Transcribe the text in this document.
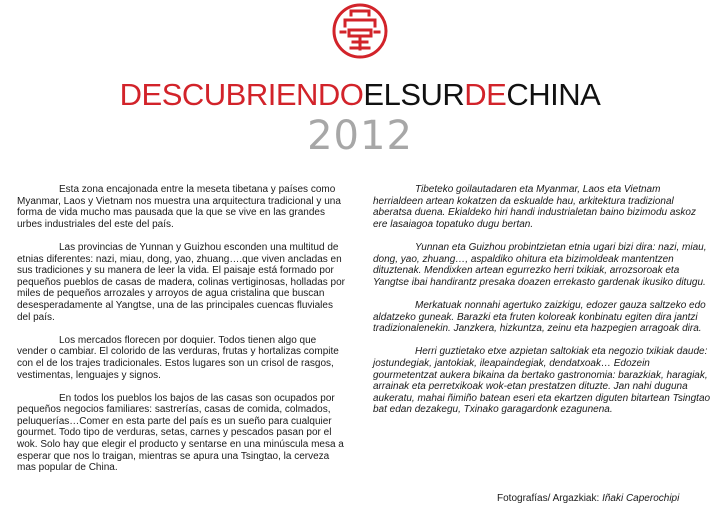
DESCUBRIENDOELSURDECHINA
2012

Esta zona encajonada entre la meseta tibetana y países como Myanmar, Laos y Vietnam nos muestra una arquitectura tradicional y una forma de vida mucho mas pausada que la que se vive en las grandes urbes industriales del este del país.

Las provincias de Yunnan y Guizhou esconden una multitud de etnias diferentes: nazi, miau, dong, yao, zhuang….que viven ancladas en sus tradiciones y su manera de leer la vida. El paisaje está formado por pequeños pueblos de casas de madera, colinas vertiginosas, holladas por miles de pequeños arrozales y arroyos de agua cristalina que buscan desesperadamente al Yangtse, una de las principales cuencas fluviales del país.

Los mercados florecen por doquier. Todos tienen algo que vender o cambiar. El colorido de las verduras, frutas y hortalizas compite con el de los trajes tradicionales. Estos lugares son un crisol de rasgos, vestimentas, lenguajes y signos.

En todos los pueblos los bajos de las casas son ocupados por pequeños negocios familiares: sastrerías, casas de comida, colmados, peluquerías…Comer en esta parte del país es un sueño para cualquier gourmet. Todo tipo de verduras, setas, carnes y pescados pasan por el wok. Solo hay que elegir el producto y sentarse en una minúscula mesa a esperar que nos lo traigan, mientras se apura una Tsingtao, la cerveza mas popular de China.

Tibeteko goilautadaren eta Myanmar, Laos eta Vietnam herrialdeen artean kokatzen da eskualde hau, arkitektura tradizional aberatsa duena. Ekialdeko hiri handi industrialetan baino bizimodu askoz ere lasaiagoa topatuko dugu bertan.

Yunnan eta Guizhou probintzietan etnia ugari bizi dira: nazi, miau, dong, yao, zhuang…, aspaldiko ohitura eta bizimoldeak mantentzen dituztenak. Mendixken artean egurrezko herri txikiak, arrozsoroak eta Yangtse ibai handirantz presaka doazen errekasto gardenak ikusiko ditugu.

Merkatuak nonnahi agertuko zaizkigu, edozer gauza saltzeko edo aldatzeko guneak. Barazki eta fruten koloreak konbinatu egiten dira jantzi tradizionalenekin. Janzkera, hizkuntza, zeinu eta hazpegien arragoak dira.

Herri guztietako etxe azpietan saltokiak eta negozio txikiak daude: jostundegiak, jantokiak, ileapaindegiak, dendatxoak… Edozein gourmetentzat aukera bikaina da bertako gastronomia: barazkiak, haragiak, arrainak eta perretxikoak wok-etan prestatzen dituzte. Jan nahi duguna aukeratu, mahai ñimiño batean eseri eta ekartzen diguten bitartean Tsingtao bat edan dezakegu, Txinako garagardonk ezagunena.

Fotografías/ Argazkiak: Iñaki Caperochipi
